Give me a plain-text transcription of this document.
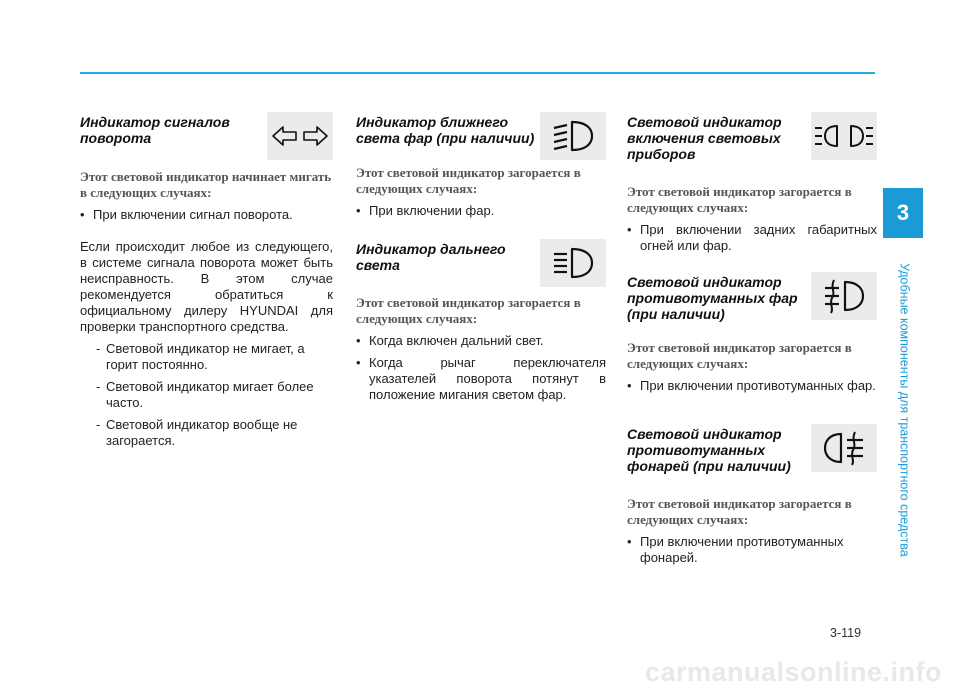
3
Удобные компоненты для транспортного средства
Индикатор сигналов поворота

Этот световой индикатор начинает мигать в следующих случаях:

• При включении сигнал поворота.

Если происходит любое из следующего, в системе сигнала поворота может быть неисправность. В этом случае рекомендуется обратиться к официальному дилеру HYUNDAI для проверки транспортного средства.

- Световой индикатор не мигает, а горит постоянно.

- Световой индикатор мигает более часто.

- Световой индикатор вообще не загорается.

Индикатор ближнего света фар (при наличии)

Этот световой индикатор загорается в следующих случаях:

• При включении фар.

Индикатор дальнего света

Этот световой индикатор загорается в следующих случаях:

• Когда включен дальний свет.

• Когда рычаг переключателя указателей поворота потянут в положение мигания светом фар.

Световой индикатор включения световых приборов

Этот световой индикатор загорается в следующих случаях:

• При включении задних габаритных огней или фар.

Световой индикатор противотуманных фар (при наличии)

Этот световой индикатор загорается в следующих случаях:

• При включении противотуманных фар.

Световой индикатор противотуманных фонарей (при наличии)

Этот световой индикатор загорается в следующих случаях:

• При включении противотуманных фонарей.

3-119
carmanualsonline.info
